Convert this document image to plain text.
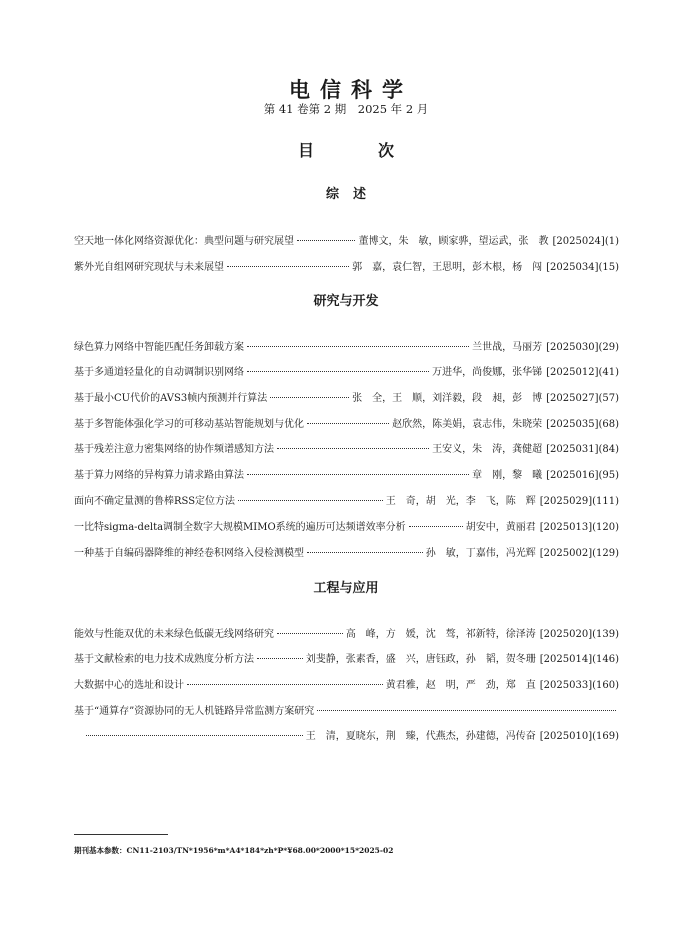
电信科学
第 41 卷第 2 期　2025 年 2 月
目　次
综述
空天地一体化网络资源优化：典型问题与研究展望	董博文，朱　敏，顾家骅，望运武，张　教 [2025024](1)
紫外光自组网研究现状与未来展望	郭　嘉，袁仁智，王思明，彭木根，杨　闯 [2025034](15)
研究与开发
绿色算力网络中智能匹配任务卸载方案	兰世战，马丽芳 [2025030](29)
基于多通道轻量化的自动调制识别网络	万进华，尚俊娜，张华锑 [2025012](41)
基于最小CU代价的AVS3帧内预测并行算法	张　全，王　顺，刘洋毅，段　昶，彭　博 [2025027](57)
基于多智能体强化学习的可移动基站智能规划与优化	赵欣然，陈美娟，袁志伟，朱晓荣 [2025035](68)
基于残差注意力密集网络的协作频谱感知方法	王安义，朱　涛，龚健超 [2025031](84)
基于算力网络的异构算力请求路由算法	章　刚，黎　曦 [2025016](95)
面向不确定量测的鲁棒RSS定位方法	王　奇，胡　光，李　飞，陈　辉 [2025029](111)
一比特sigma-delta调制全数字大规模MIMO系统的遍历可达频谱效率分析	胡安中，黄丽君 [2025013](120)
一种基于自编码器降维的神经卷积网络入侵检测模型	孙　敏，丁嘉伟，冯光辉 [2025002](129)
工程与应用
能效与性能双优的未来绿色低碳无线网络研究	高　峰，方　媛，沈　骜，祁新特，徐泽涛 [2025020](139)
基于文献检索的电力技术成熟度分析方法	刘斐静，张素香，盛　兴，唐钰政，孙　韬，贺冬珊 [2025014](146)
大数据中心的选址和设计	黄君雅，赵　明，严　劲，郑　直 [2025033](160)
基于“通算存”资源协同的无人机链路异常监测方案研究
王　清，夏晓东，荆　臻，代燕杰，孙建德，冯传奋 [2025010](169)
期刊基本参数：CN11-2103/TN*1956*m*A4*184*zh*P*¥68.00*2000*15*2025-02
